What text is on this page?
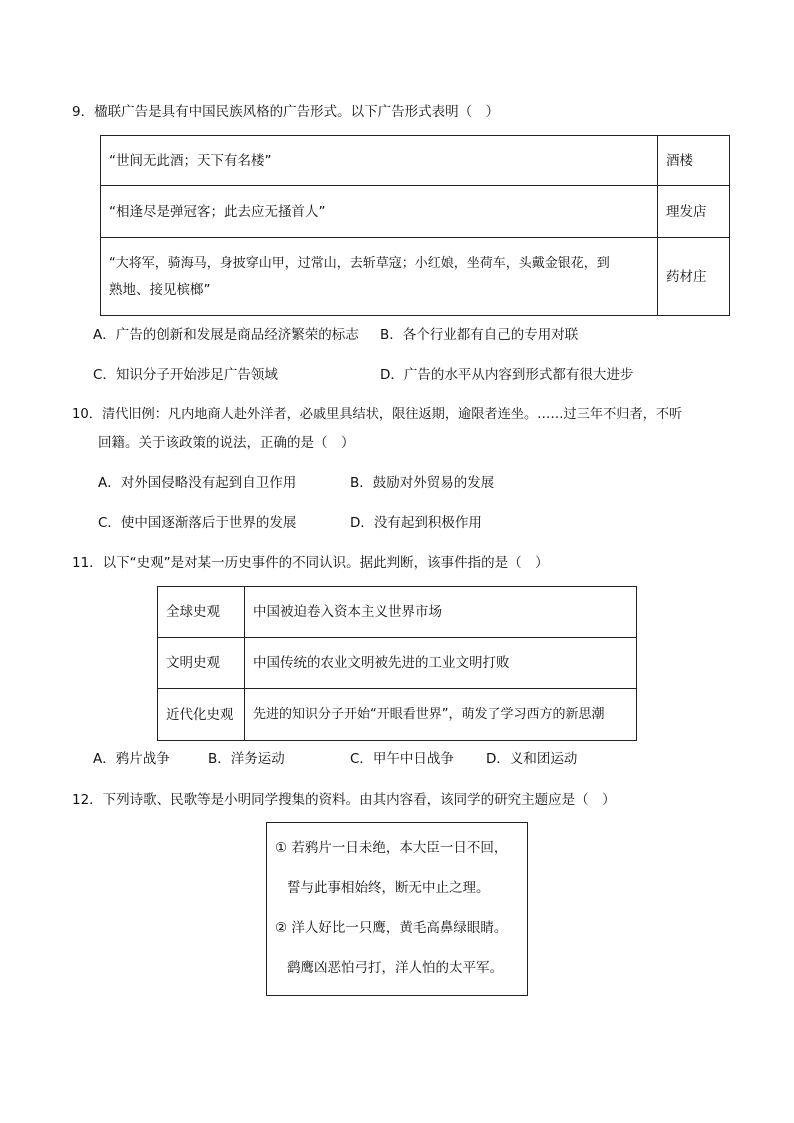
9．楹联广告是具有中国民族风格的广告形式。以下广告形式表明（　）
“世间无此酒；天下有名楼”	酒楼
“相逢尽是弹冠客；此去应无搔首人”	理发店

“大将军，骑海马，身披穿山甲，过常山，去斩草寇；小红娘，坐荷车，头戴金银花，到
熟地、接见槟榔”	药材庄
A．广告的创新和发展是商品经济繁荣的标志 B．各个行业都有自己的专用对联
C．知识分子开始涉足广告领域	D．广告的水平从内容到形式都有很大进步
10．清代旧例：凡内地商人赴外洋者，必戚里具结状，限往返期，逾限者连坐。……过三年不归者，不听
回籍。关于该政策的说法，正确的是（　）
A．对外国侵略没有起到自卫作用	B．鼓励对外贸易的发展
C．使中国逐渐落后于世界的发展	D．没有起到积极作用
11．以下“史观”是对某一历史事件的不同认识。据此判断，该事件指的是（　）
全球史观	中国被迫卷入资本主义世界市场
文明史观	中国传统的农业文明被先进的工业文明打败
近代化史观	先进的知识分子开始“开眼看世界”，萌发了学习西方的新思潮
A．鸦片战争	B．洋务运动	C．甲午中日战争 D．义和团运动
12．下列诗歌、民歌等是小明同学搜集的资料。由其内容看，该同学的研究主题应是（　）
① 若鸦片一日未绝，本大臣一日不回，
誓与此事相始终，断无中止之理。
② 洋人好比一只鹰，黄毛高鼻绿眼睛。
鹞鹰凶恶怕弓打，洋人怕的太平军。
